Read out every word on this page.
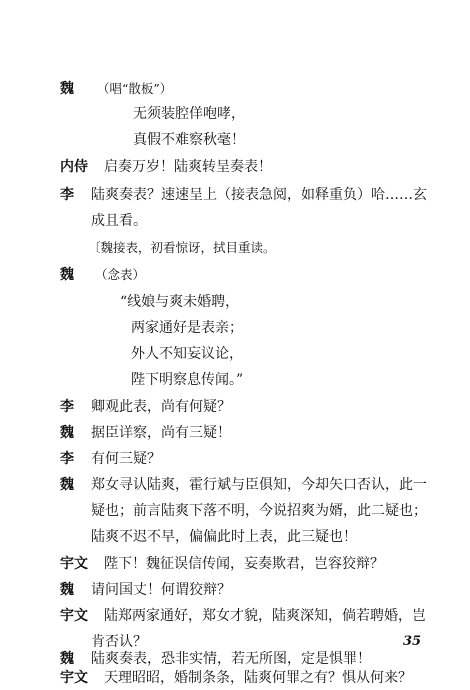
魏 （唱“散板”）
无须装腔佯咆哮，
真假不难察秋毫！
内侍 启奏万岁！陆爽转呈奏表！
李 陆爽奏表？速速呈上（接表急阅，如释重负）哈……玄
成且看。
〔魏接表，初看惊讶，拭目重读。
魏 （念表）
“线娘与爽未婚聘，
两家通好是表亲；
外人不知妄议论，
陛下明察息传闻。”
李 卿观此表，尚有何疑？
魏 据臣详察，尚有三疑！
李 有何三疑？
魏 郑女寻认陆爽，霍行斌与臣俱知，今却矢口否认，此一
疑也；前言陆爽下落不明，今说招爽为婿，此二疑也；
陆爽不迟不早，偏偏此时上表，此三疑也！
宇文 陛下！魏征误信传闻，妄奏欺君，岂容狡辩？
魏 请问国丈！何谓狡辩？
宇文 陆郑两家通好，郑女才貌，陆爽深知，倘若聘婚，岂
肯否认？
魏 陆爽奏表，恐非实情，若无所图，定是惧罪！
宇文 天理昭昭，婚制条条，陆爽何罪之有？惧从何来？
35
